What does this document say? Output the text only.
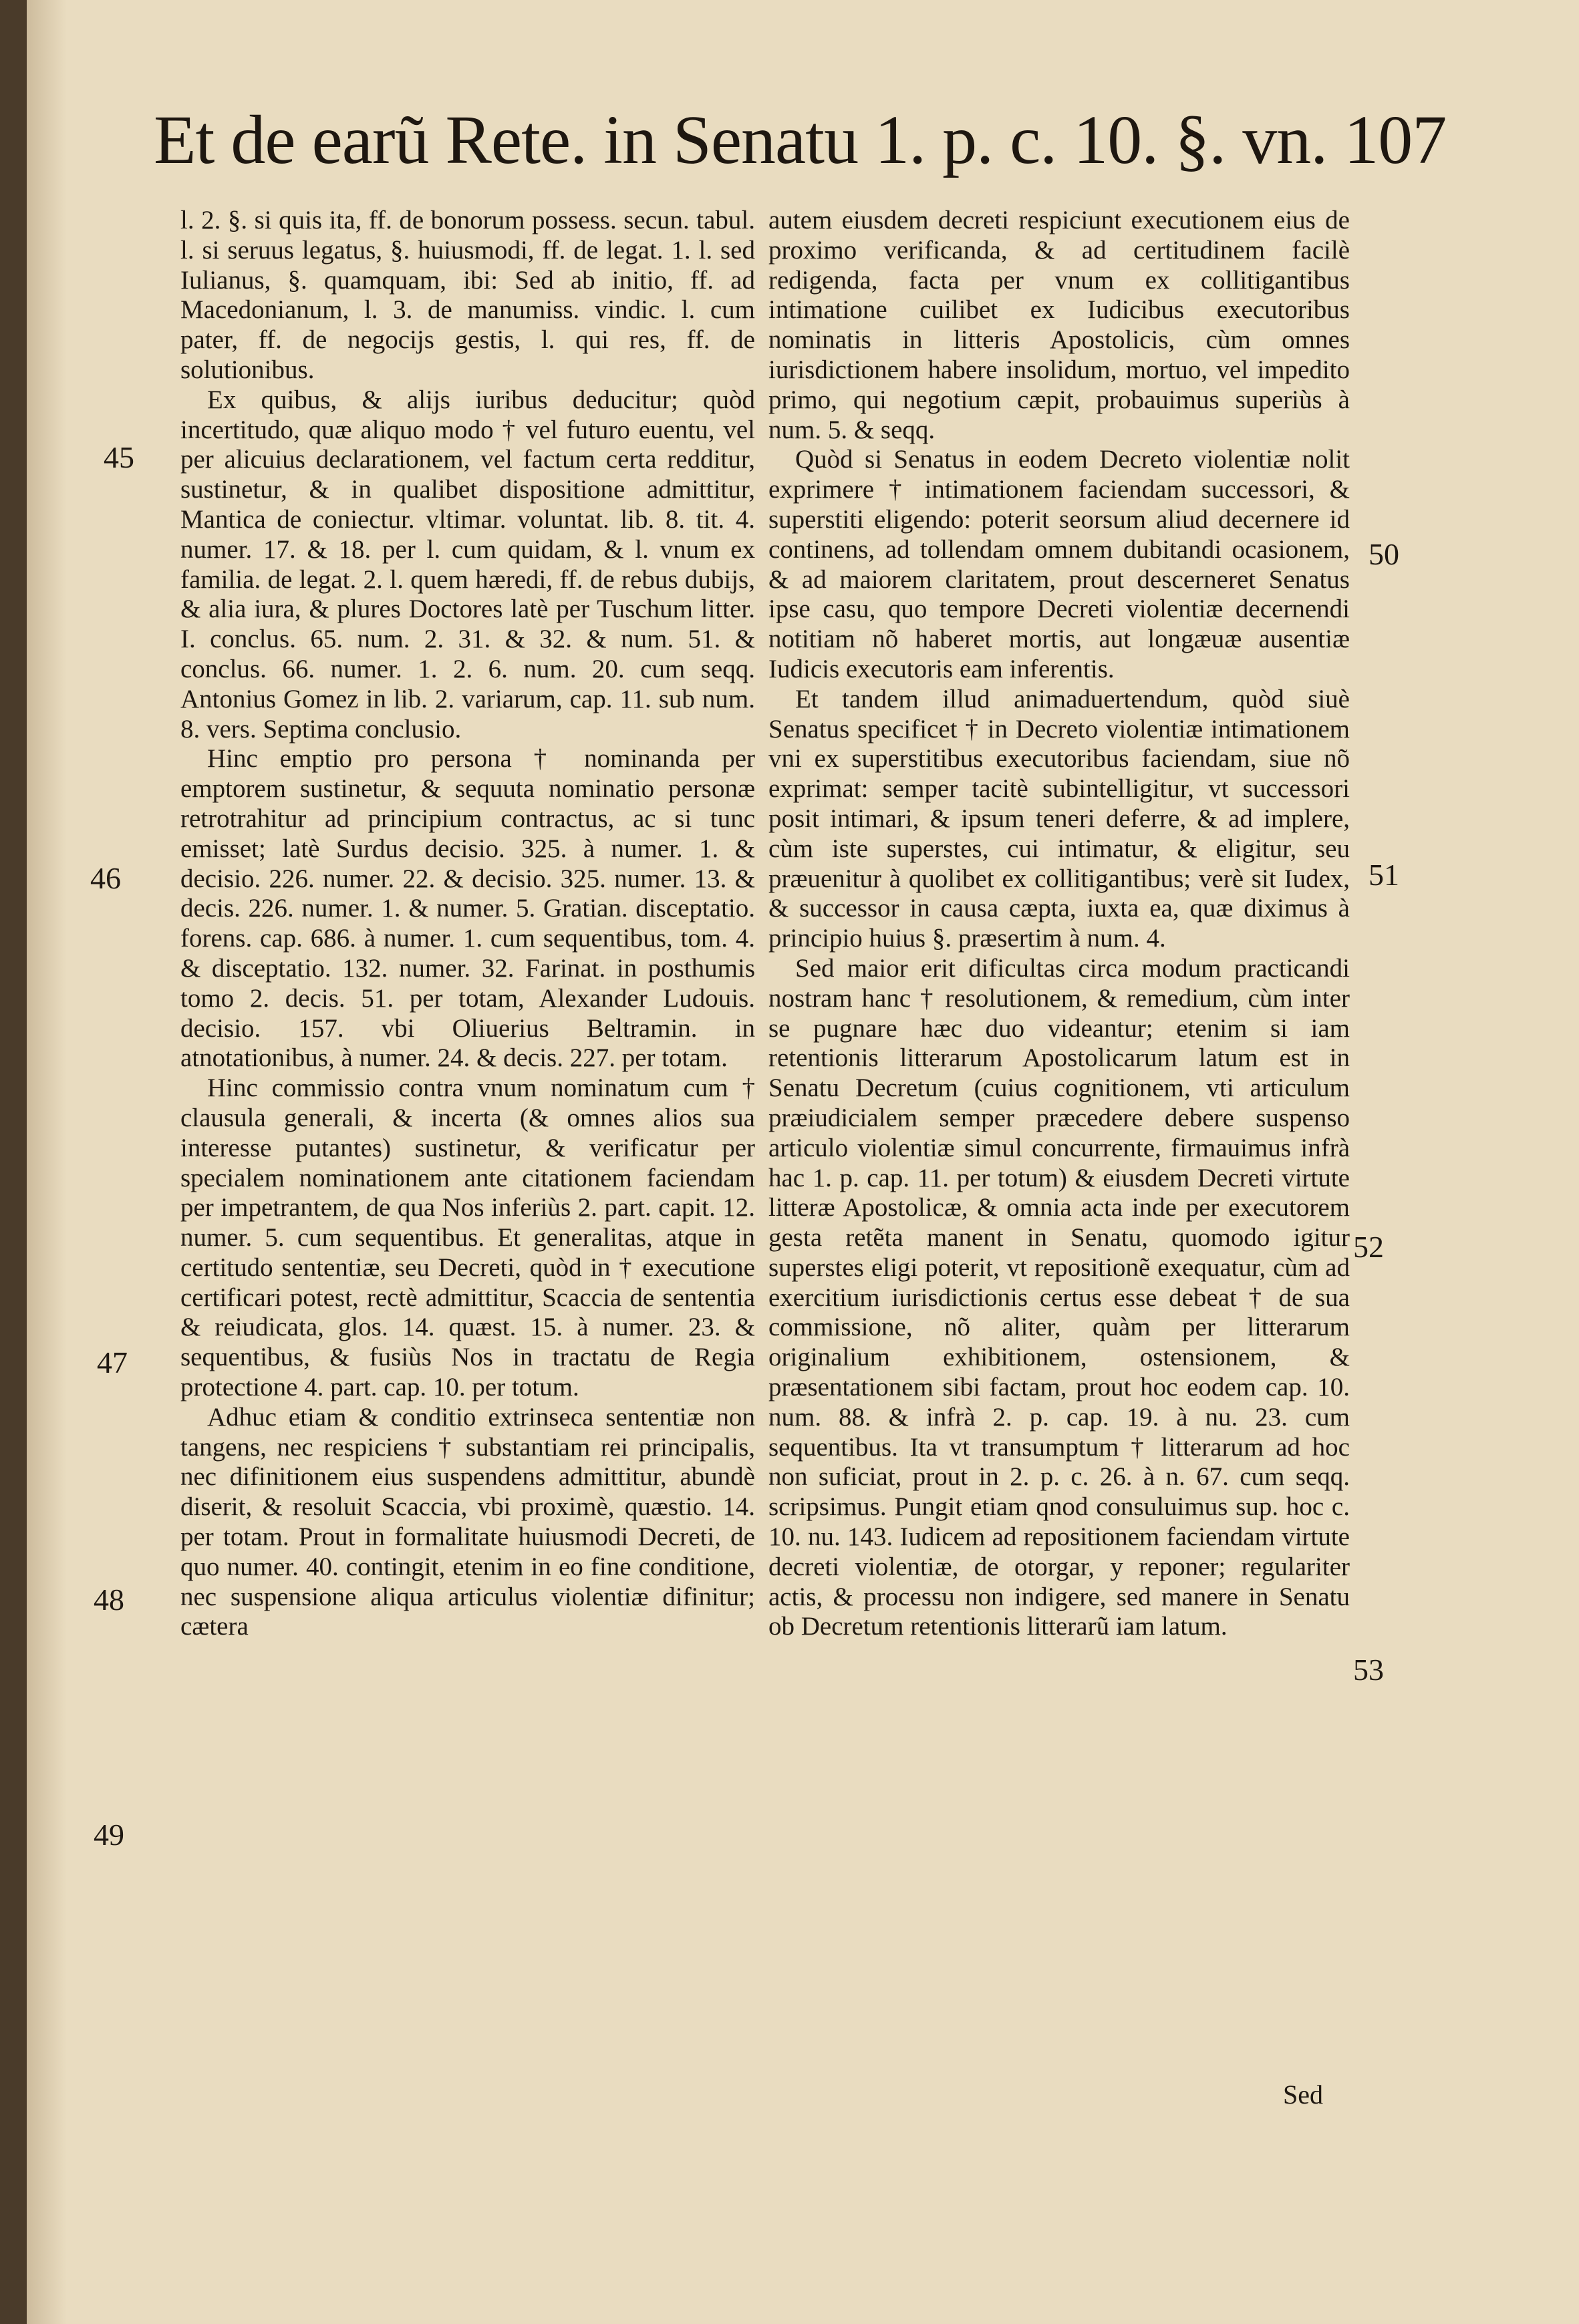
Et de earũ Rete. in Senatu 1. p. c. 10. §. vn. 107

l. 2. §. si quis ita, ff. de bonorum possess. secun. tabul. l. si seruus legatus, §. huiusmodi, ff. de legat. 1. l. sed Iulianus, §. quamquam, ibi: Sed ab initio, ff. ad Macedonianum, l. 3. de manumiss. vindic. l. cum pater, ff. de negocijs gestis, l. qui res, ff. de solutionibus.

Ex quibus, & alijs iuribus deducitur; quòd incertitudo, quæ aliquo modo † vel futuro euentu, vel per alicuius declarationem, vel factum certa redditur, sustinetur, & in qualibet dispositione admittitur, Mantica de coniectur. vltimar. voluntat. lib. 8. tit. 4. numer. 17. & 18. per l. cum quidam, & l. vnum ex familia. de legat. 2. l. quem hæredi, ff. de rebus dubijs, & alia iura, & plures Doctores latè per Tuschum litter. I. conclus. 65. num. 2. 31. & 32. & num. 51. & conclus. 66. numer. 1. 2. 6. num. 20. cum seqq. Antonius Gomez in lib. 2. variarum, cap. 11. sub num. 8. vers. Septima conclusio.

Hinc emptio pro persona † nominanda per emptorem sustinetur, & sequuta nominatio personæ retrotrahitur ad principium contractus, ac si tunc emisset; latè Surdus decisio. 325. à numer. 1. & decisio. 226. numer. 22. & decisio. 325. numer. 13. & decis. 226. numer. 1. & numer. 5. Gratian. disceptatio. forens. cap. 686. à numer. 1. cum sequentibus, tom. 4. & disceptatio. 132. numer. 32. Farinat. in posthumis tomo 2. decis. 51. per totam, Alexander Ludouis. decisio. 157. vbi Oliuerius Beltramin. in atnotationibus, à numer. 24. & decis. 227. per totam.

Hinc commissio contra vnum nominatum cum † clausula generali, & incerta (& omnes alios sua interesse putantes) sustinetur, & verificatur per specialem nominationem ante citationem faciendam per impetrantem, de qua Nos inferiùs 2. part. capit. 12. numer. 5. cum sequentibus. Et generalitas, atque in certitudo sententiæ, seu Decreti, quòd in † executione certificari potest, rectè admittitur, Scaccia de sententia & reiudicata, glos. 14. quæst. 15. à numer. 23. & sequentibus, & fusiùs Nos in tractatu de Regia protectione 4. part. cap. 10. per totum.

Adhuc etiam & conditio extrinseca sententiæ non tangens, nec respiciens † substantiam rei principalis, nec difinitionem eius suspendens admittitur, abundè diserit, & resoluit Scaccia, vbi proximè, quæstio. 14. per totam. Prout in formalitate huiusmodi Decreti, de quo numer. 40. contingit, etenim in eo fine conditione, nec suspensione aliqua articulus violentiæ difinitur; cætera

autem eiusdem decreti respiciunt executionem eius de proximo verificanda, & ad certitudinem facilè redigenda, facta per vnum ex collitigantibus intimatione cuilibet ex Iudicibus executoribus nominatis in litteris Apostolicis, cùm omnes iurisdictionem habere insolidum, mortuo, vel impedito primo, qui negotium cæpit, probauimus superiùs à num. 5. & seqq.

Quòd si Senatus in eodem Decreto violentiæ nolit exprimere † intimationem faciendam successori, & superstiti eligendo: poterit seorsum aliud decernere id continens, ad tollendam omnem dubitandi ocasionem, & ad maiorem claritatem, prout descerneret Senatus ipse casu, quo tempore Decreti violentiæ decernendi notitiam nõ haberet mortis, aut longæuæ ausentiæ Iudicis executoris eam inferentis.

Et tandem illud animaduertendum, quòd siuè Senatus specificet † in Decreto violentiæ intimationem vni ex superstitibus executoribus faciendam, siue nõ exprimat: semper tacitè subintelligitur, vt successori posit intimari, & ipsum teneri deferre, & ad implere, cùm iste superstes, cui intimatur, & eligitur, seu præuenitur à quolibet ex collitigantibus; verè sit Iudex, & successor in causa cæpta, iuxta ea, quæ diximus à principio huius §. præsertim à num. 4.

Sed maior erit dificultas circa modum practicandi nostram hanc † resolutionem, & remedium, cùm inter se pugnare hæc duo videantur; etenim si iam retentionis litterarum Apostolicarum latum est in Senatu Decretum (cuius cognitionem, vti articulum præiudicialem semper præcedere debere suspenso articulo violentiæ simul concurrente, firmauimus infrà hac 1. p. cap. 11. per totum) & eiusdem Decreti virtute litteræ Apostolicæ, & omnia acta inde per executorem gesta retẽta manent in Senatu, quomodo igitur superstes eligi poterit, vt repositionẽ exequatur, cùm ad exercitium iurisdictionis certus esse debeat † de sua commissione, nõ aliter, quàm per litterarum originalium exhibitionem, ostensionem, & præsentationem sibi factam, prout hoc eodem cap. 10. num. 88. & infrà 2. p. cap. 19. à nu. 23. cum sequentibus. Ita vt transumptum † litterarum ad hoc non suficiat, prout in 2. p. c. 26. à n. 67. cum seqq. scripsimus. Pungit etiam qnod consuluimus sup. hoc c. 10. nu. 143. Iudicem ad repositionem faciendam virtute decreti violentiæ, de otorgar, y reponer; regulariter actis, & processu non indigere, sed manere in Senatu ob Decretum retentionis litterarũ iam latum.

45
46
47
48
49
50
51
52
53
Sed
